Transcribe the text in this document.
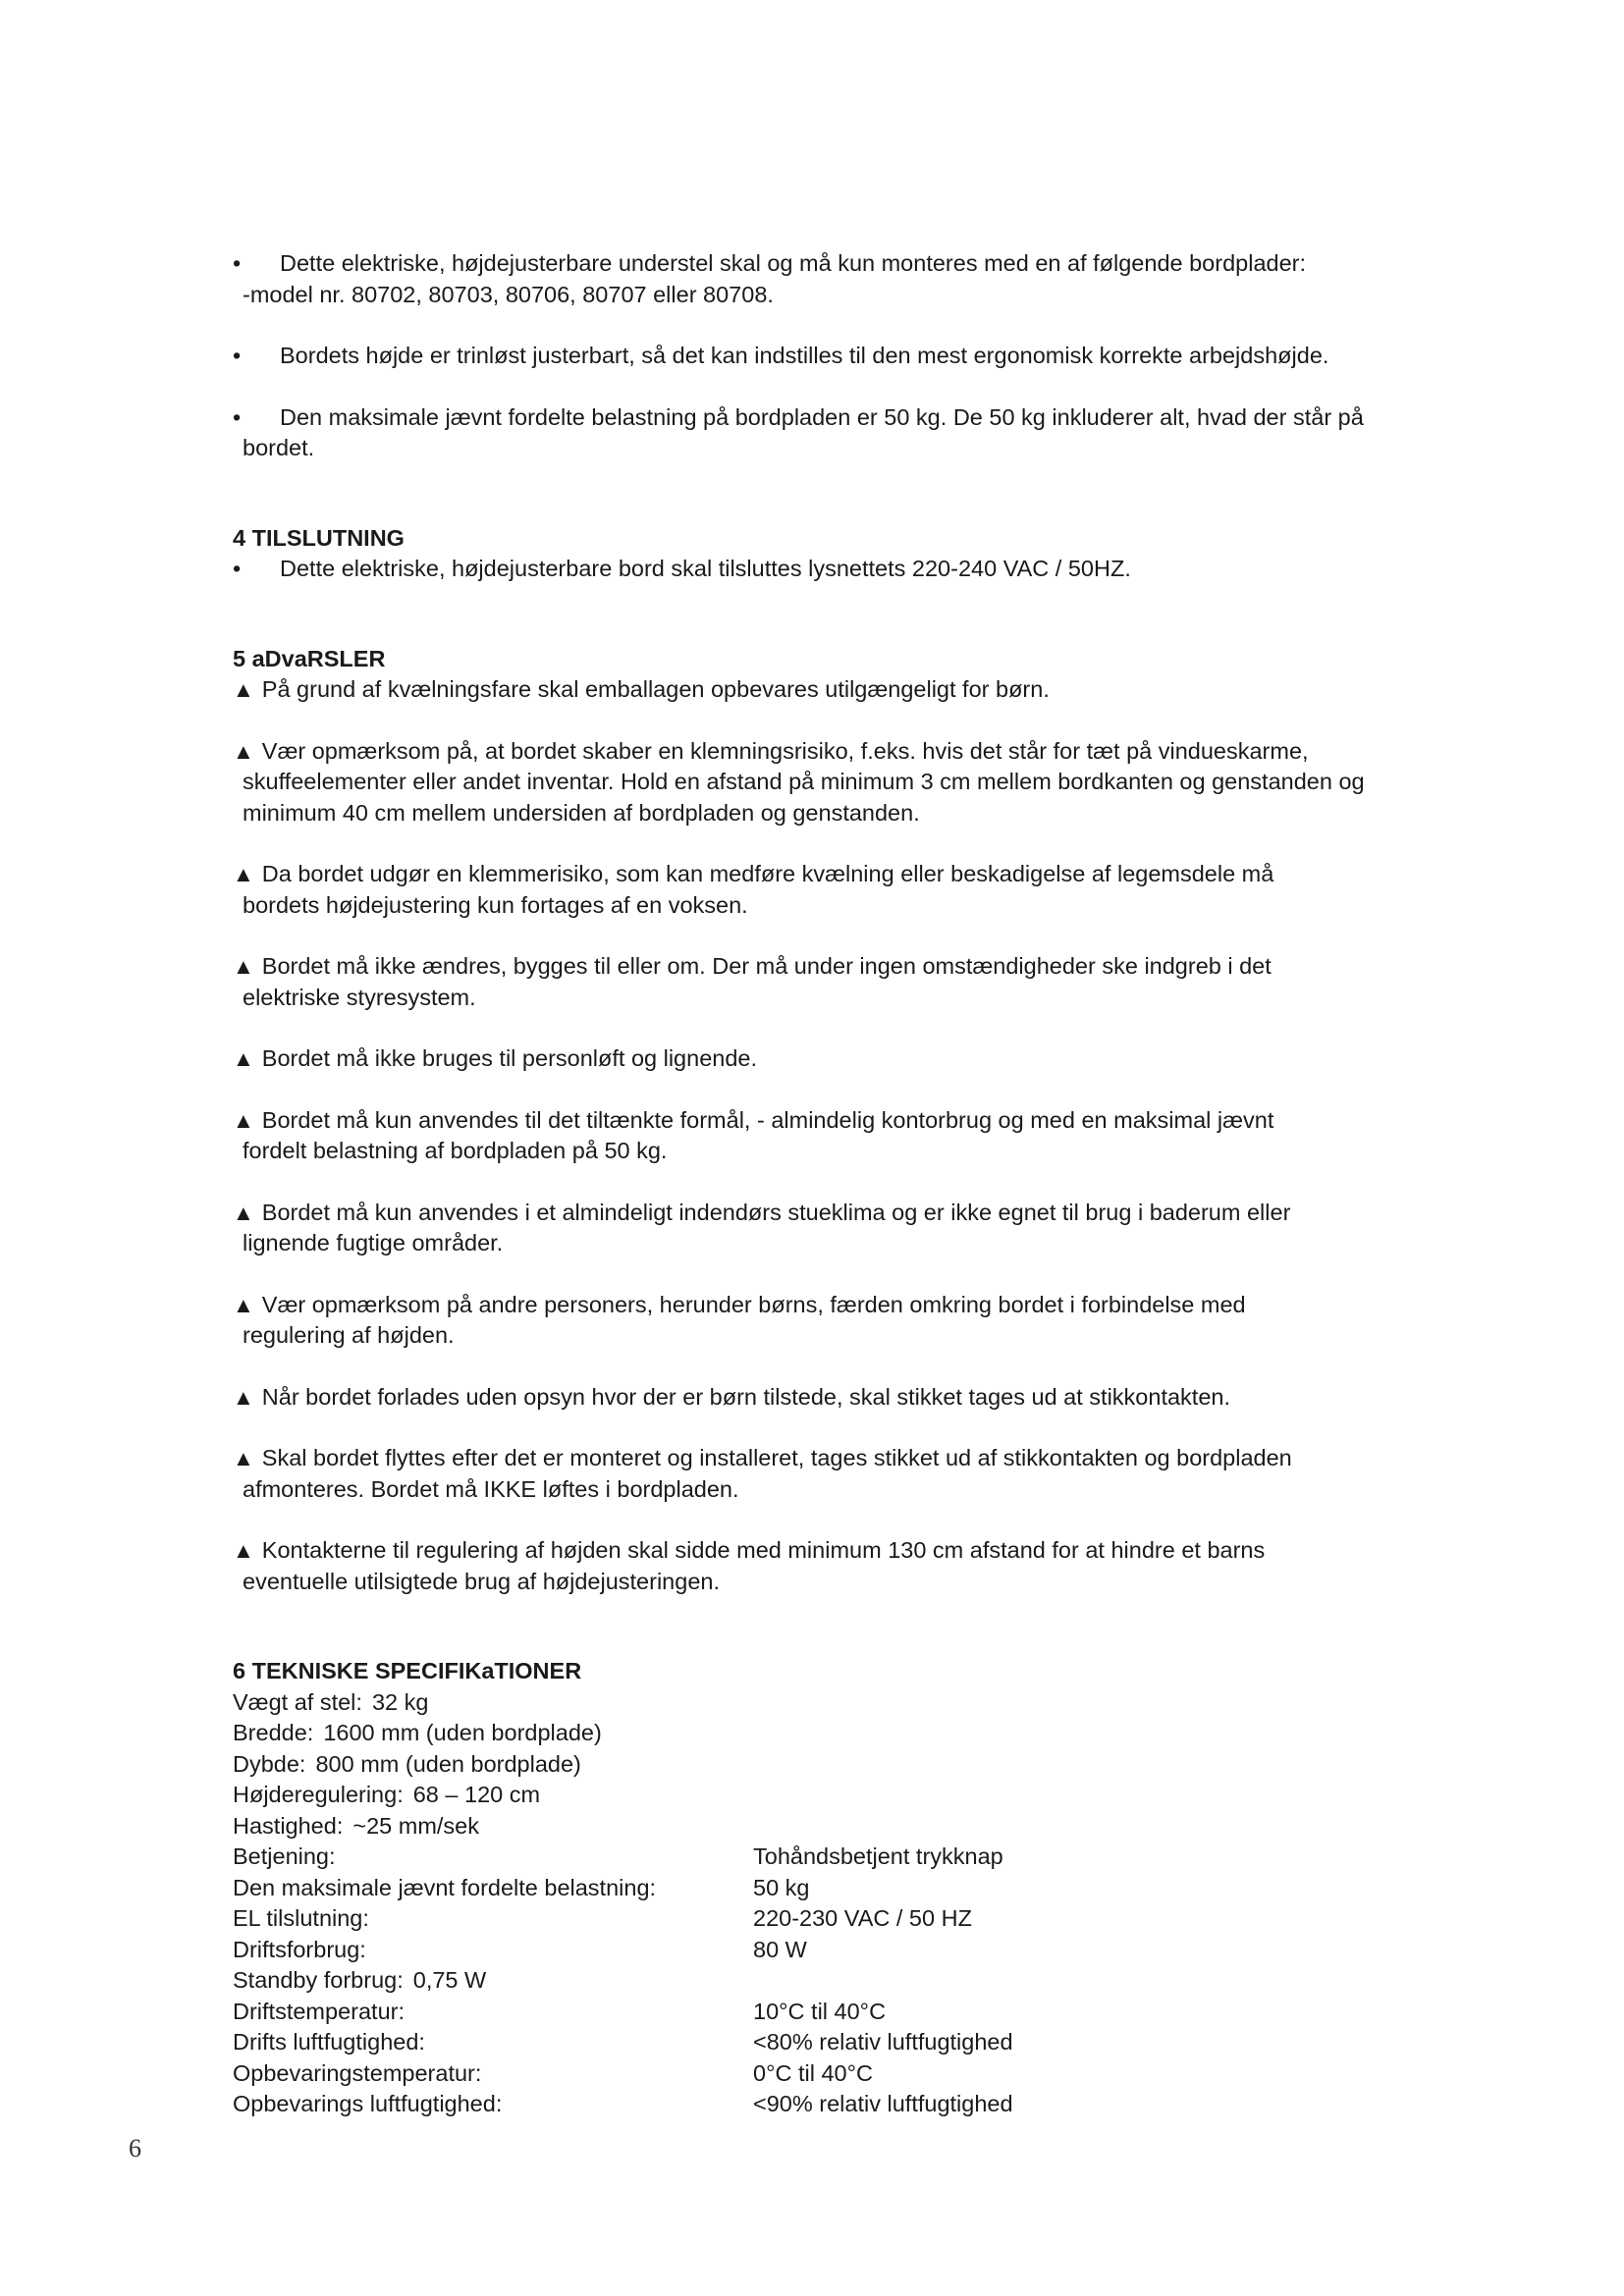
•	Dette elektriske, højdejusterbare understel skal og må kun monteres med en af følgende bordplader:
-model nr. 80702, 80703, 80706, 80707 eller 80708.
•	Bordets højde er trinløst justerbart, så det kan indstilles til den mest ergonomisk korrekte arbejdshøjde.
•	Den maksimale jævnt fordelte belastning på bordpladen er 50 kg. De 50 kg inkluderer alt, hvad der står på
bordet.
4 TILSLUTNING
• Dette elektriske, højdejusterbare bord skal tilsluttes lysnettets 220-240 VAC / 50HZ.
5 aDvaRSLER
▲ På grund af kvælningsfare skal emballagen opbevares utilgængeligt for børn.
▲ Vær opmærksom på, at bordet skaber en klemningsrisiko, f.eks. hvis det står for tæt på vindueskarme,
skuffeelementer eller andet inventar. Hold en afstand på minimum 3 cm mellem bordkanten og genstanden og minimum 40 cm mellem undersiden af bordpladen og genstanden.
▲ Da bordet udgør en klemmerisiko, som kan medføre kvælning eller beskadigelse af legemsdele må
bordets højdejustering kun fortages af en voksen.
▲ Bordet må ikke ændres, bygges til eller om. Der må under ingen omstændigheder ske indgreb i det
elektriske styresystem.
▲ Bordet må ikke bruges til personløft og lignende.
▲ Bordet må kun anvendes til det tiltænkte formål, - almindelig kontorbrug og med en maksimal jævnt
fordelt belastning af bordpladen på 50 kg.
▲ Bordet må kun anvendes i et almindeligt indendørs stueklima og er ikke egnet til brug i baderum eller
lignende fugtige områder.
▲ Vær opmærksom på andre personers, herunder børns, færden omkring bordet i forbindelse med
regulering af højden.
▲ Når bordet forlades uden opsyn hvor der er børn tilstede, skal stikket tages ud at stikkontakten.
▲ Skal bordet flyttes efter det er monteret og installeret, tages stikket ud af stikkontakten og bordpladen
afmonteres. Bordet må IKKE løftes i bordpladen.
▲ Kontakterne til regulering af højden skal sidde med minimum 130 cm afstand for at hindre et barns
eventuelle utilsigtede brug af højdejusteringen.
6 TEKNISKE SPECIFIKaTIONER
Vægt af stel: 32 kg
Bredde: 1600 mm (uden bordplade)
Dybde: 800 mm (uden bordplade)
Højderegulering: 68 – 120 cm
Hastighed: ~25 mm/sek
Betjening:	Tohåndsbetjent trykknap
Den maksimale jævnt fordelte belastning:	50 kg
EL tilslutning:	220-230 VAC / 50 HZ
Driftsforbrug:	80 W
Standby forbrug: 0,75 W
Driftstemperatur:	10°C til 40°C
Drifts luftfugtighed:	<80% relativ luftfugtighed
Opbevaringstemperatur:	0°C til 40°C
Opbevarings luftfugtighed:	<90% relativ luftfugtighed
6
